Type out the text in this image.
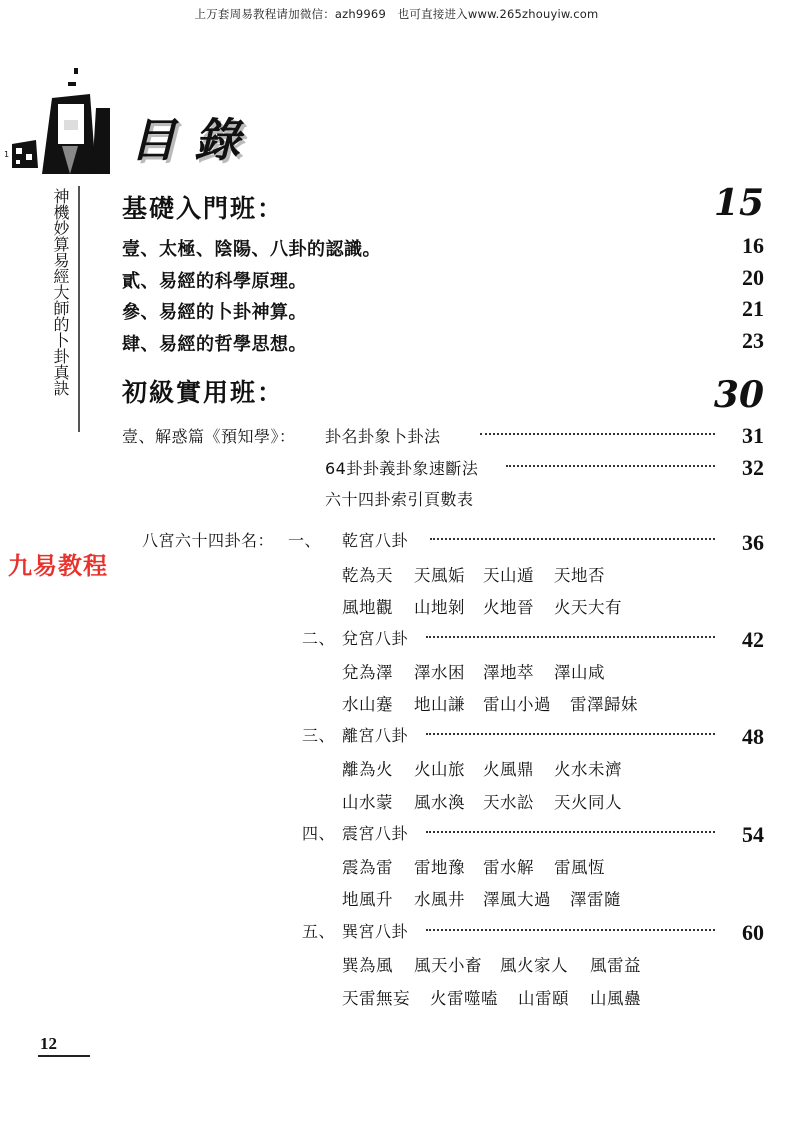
上万套周易教程请加微信：azh9969　也可直接进入www.265zhouyiw.com
1	目錄
神機妙算易經大師的卜卦真訣 基礎入門班：	15
壹、太極、陰陽、八卦的認識。	16
貳、易經的科學原理。	20
參、易經的卜卦神算。	21
肆、易經的哲學思想。	23
初級實用班：	30
壹、解惑篇《預知學》： 卦名卦象卜卦法	31
64卦卦義卦象速斷法	32
六十四卦索引頁數表
九易教程
八宮六十四卦名： 一、 乾宮八卦	36
乾為天 天風姤 天山遁 天地否
風地觀 山地剝 火地晉 火天大有
二、 兌宮八卦	42
兌為澤 澤水困 澤地萃 澤山咸
水山蹇 地山謙 雷山小過 雷澤歸妹
三、 離宮八卦	48
離為火 火山旅 火風鼎 火水未濟
山水蒙 風水渙 天水訟 天火同人
四、 震宮八卦	54
震為雷 雷地豫 雷水解 雷風恆
地風升 水風井 澤風大過 澤雷隨
五、 巽宮八卦	60
巽為風 風天小畜 風火家人 風雷益
天雷無妄 火雷噬嗑 山雷頤 山風蠱
12
